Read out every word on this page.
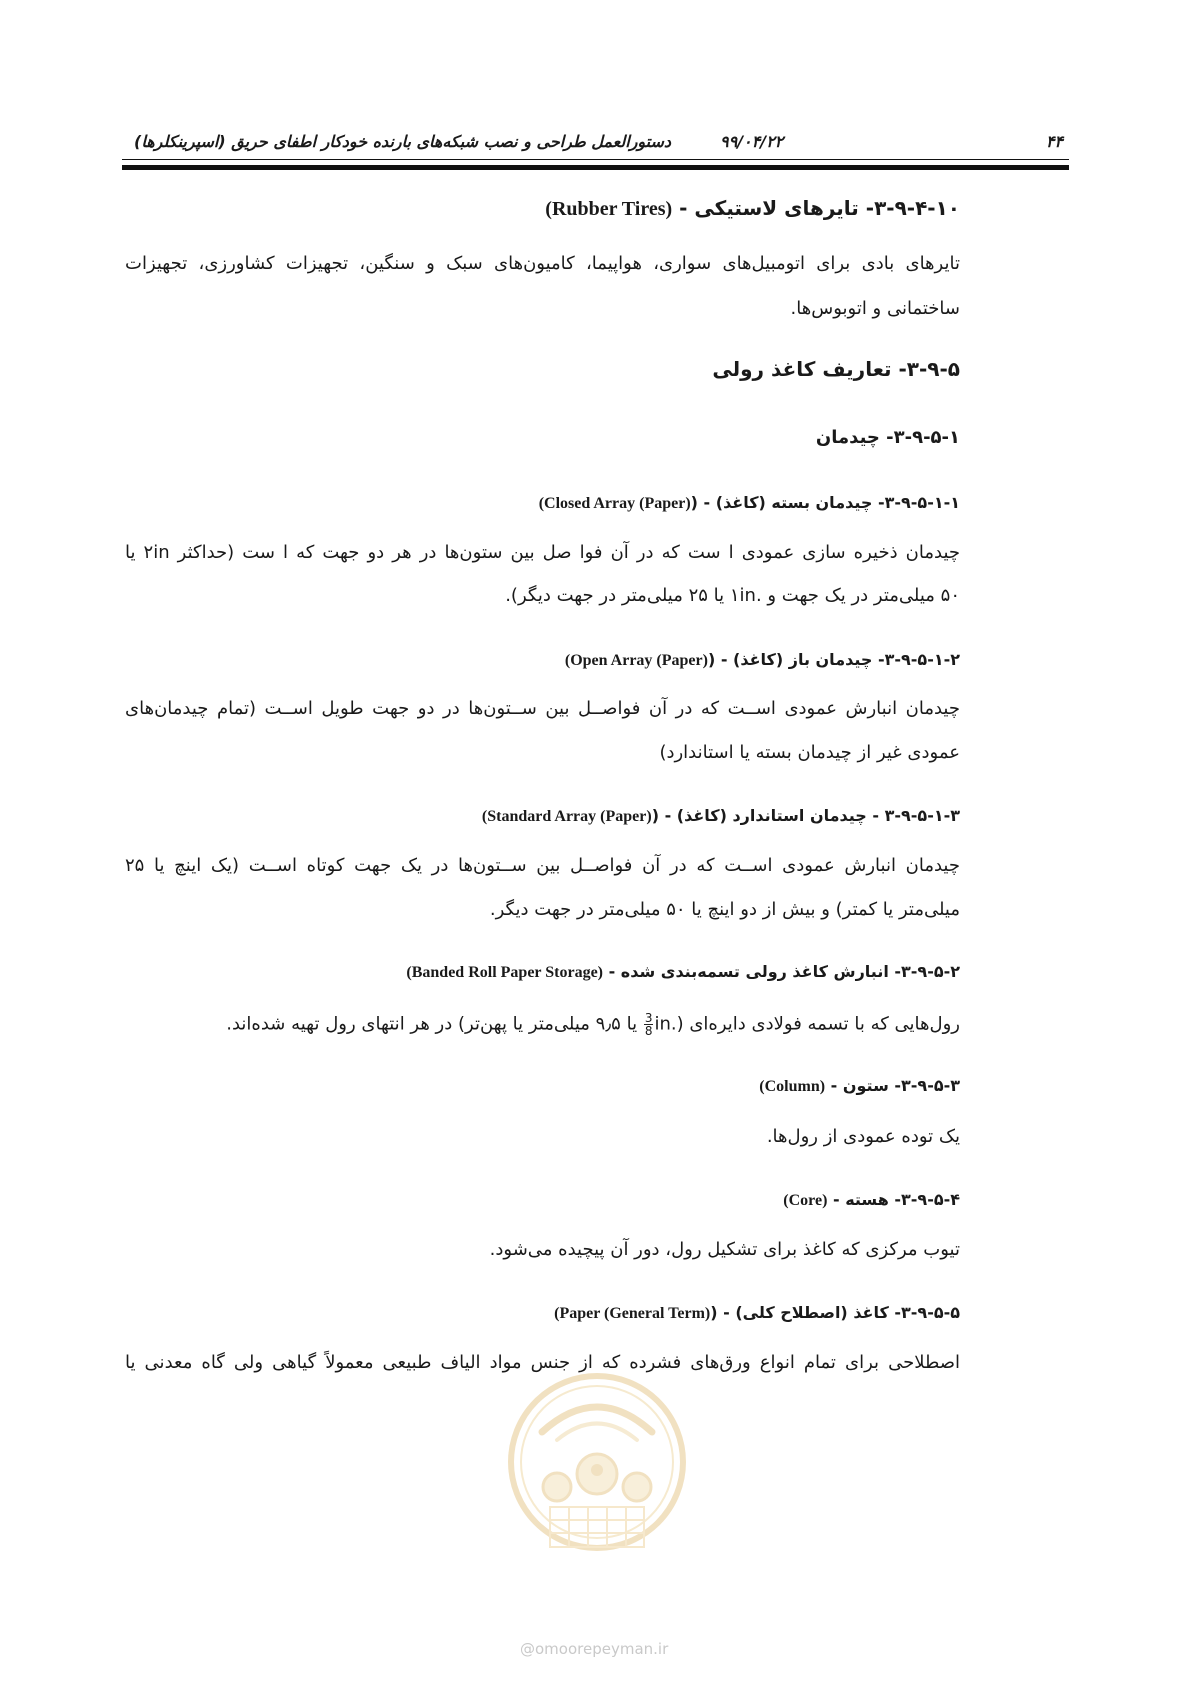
۴۴
۹۹/۰۴/۲۲
دستورالعمل طراحی و نصب شبکه‌های بارنده خودکار اطفای حریق (اسپرینکلرها)
۳-۹-۴-۱۰- تایرهای لاستیکی - (Rubber Tires)
تایرهای بادی برای اتومبیل‌های سواری، هواپیما، کامیون‌های سبک و سنگین، تجهیزات کشاورزی، تجهیزات
ساختمانی و اتوبوس‌ها.
۳-۹-۵- تعاریف کاغذ رولی
۳-۹-۵-۱- چیدمان
۳-۹-۵-۱-۱- چیدمان بسته (کاغذ) - ((Closed Array (Paper)
چیدمان ذخیره سازی عمودی ا ست که در آن فوا صل بین ستون‌ها در هر دو جهت که ا ست (حداکثر ۲in یا
۵۰ میلی‌متر در یک جهت و .۱in یا ۲۵ میلی‌متر در جهت دیگر).
۳-۹-۵-۱-۲- چیدمان باز (کاغذ) - ((Open Array (Paper)
چیدمان انبارش عمودی اســت که در آن فواصــل بین ســتون‌ها در دو جهت طویل اســت (تمام چیدمان‌های
عمودی غیر از چیدمان بسته یا استاندارد)
۳-۹-۵-۱-۳ - چیدمان استاندارد (کاغذ) - ((Standard Array (Paper)
چیدمان انبارش عمودی اســت که در آن فواصــل بین ســتون‌ها در یک جهت کوتاه اســت (یک اینچ یا ۲۵
میلی‌متر یا کمتر) و بیش از دو اینچ یا ۵۰ میلی‌متر در جهت دیگر.
۳-۹-۵-۲- انبارش کاغذ رولی تسمه‌بندی شده - (Banded Roll Paper Storage)
رول‌هایی که با تسمه فولادی دایره‌ای (.in
$\frac{3}{8}$
یا ۹٫۵ میلی‌متر یا پهن‌تر) در هر انتهای رول تهیه شده‌اند.
۳-۹-۵-۳- ستون - (Column)
یک توده عمودی از رول‌ها.
۳-۹-۵-۴- هسته - (Core)
تیوب مرکزی که کاغذ برای تشکیل رول، دور آن پیچیده می‌شود.
۳-۹-۵-۵- کاغذ (اصطلاح کلی) - ((Paper (General Term)
اصطلاحی برای تمام انواع ورق‌های فشرده که از جنس مواد الیاف طبیعی معمولاً گیاهی ولی گاه معدنی یا
@omoorepeyman.ir
